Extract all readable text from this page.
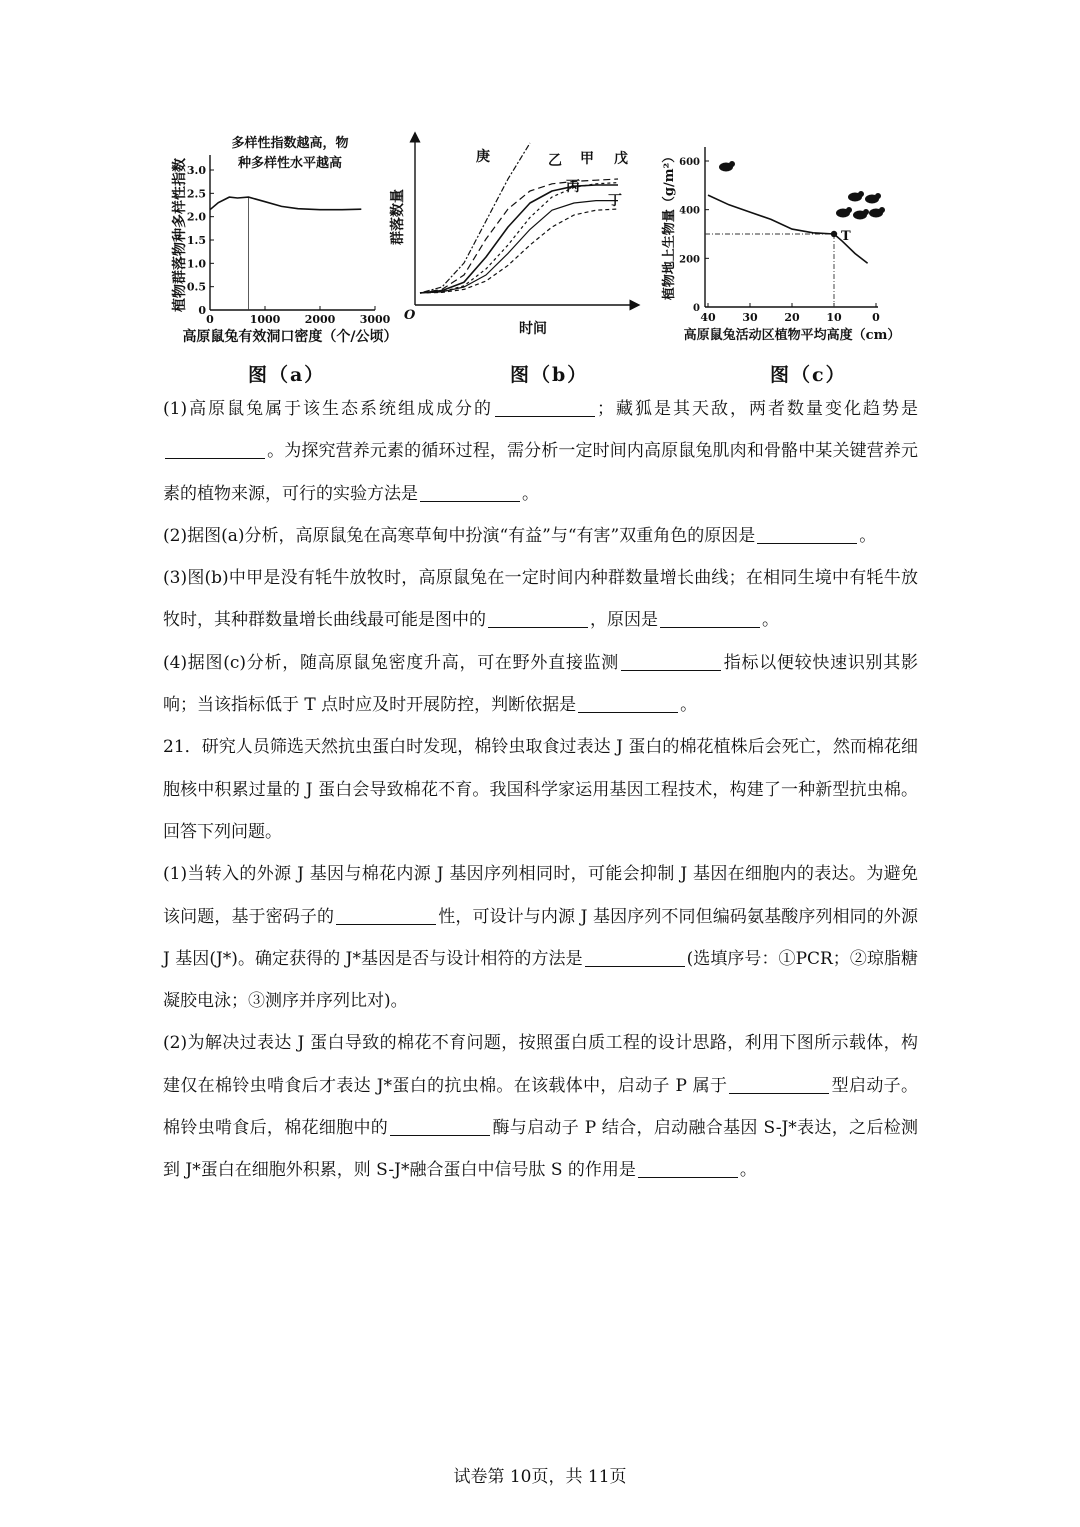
多样性指数越高，物
种多样性水平越高
植物群落物种多样性指数
高原鼠兔有效洞口密度（个/公顷）
0
0.5
1.0
1.5
2.0
2.5
3.0
0	1000 2000 3000
图（a）
群落数量
O
时间
庚	乙 甲 戊
丙
丁
图（b）
植物地上生物量（g/m²）
高原鼠兔活动区植物平均高度（cm）
0
200
400
600
40 30 20 10	0
T
图（c）

(1)高原鼠兔属于该生态系统组成成分的	；藏狐是其天敌，两者数量变化趋势是。为探究营养元素的循环过程，需分析一定时间内高原鼠兔肌肉和骨骼中某关键营养元素的植物来源，可行的实验方法是	。

(2)据图(a)分析，高原鼠兔在高寒草甸中扮演“有益”与“有害”双重角色的原因是	。

(3)图(b)中甲是没有牦牛放牧时，高原鼠兔在一定时间内种群数量增长曲线；在相同生境中有牦牛放牧时，其种群数量增长曲线最可能是图中的	，原因是	。

(4)据图(c)分析，随高原鼠兔密度升高，可在野外直接监测	指标以便较快速识别其影响；当该指标低于 T 点时应及时开展防控，判断依据是	。

21．研究人员筛选天然抗虫蛋白时发现，棉铃虫取食过表达 J 蛋白的棉花植株后会死亡，然而棉花细胞核中积累过量的 J 蛋白会导致棉花不育。我国科学家运用基因工程技术，构建了一种新型抗虫棉。回答下列问题。

(1)当转入的外源 J 基因与棉花内源 J 基因序列相同时，可能会抑制 J 基因在细胞内的表达。为避免该问题，基于密码子的	性，可设计与内源 J 基因序列不同但编码氨基酸序列相同的外源 J 基因(J*)。确定获得的 J*基因是否与设计相符的方法是	(选填序号：①PCR；②琼脂糖凝胶电泳；③测序并序列比对)。

(2)为解决过表达 J 蛋白导致的棉花不育问题，按照蛋白质工程的设计思路，利用下图所示载体，构建仅在棉铃虫啃食后才表达 J*蛋白的抗虫棉。在该载体中，启动子 P 属于	型启动子。棉铃虫啃食后，棉花细胞中的	酶与启动子 P 结合，启动融合基因 S-J*表达，之后检测到 J*蛋白在细胞外积累，则 S-J*融合蛋白中信号肽 S 的作用是	。

试卷第 10页，共 11页
